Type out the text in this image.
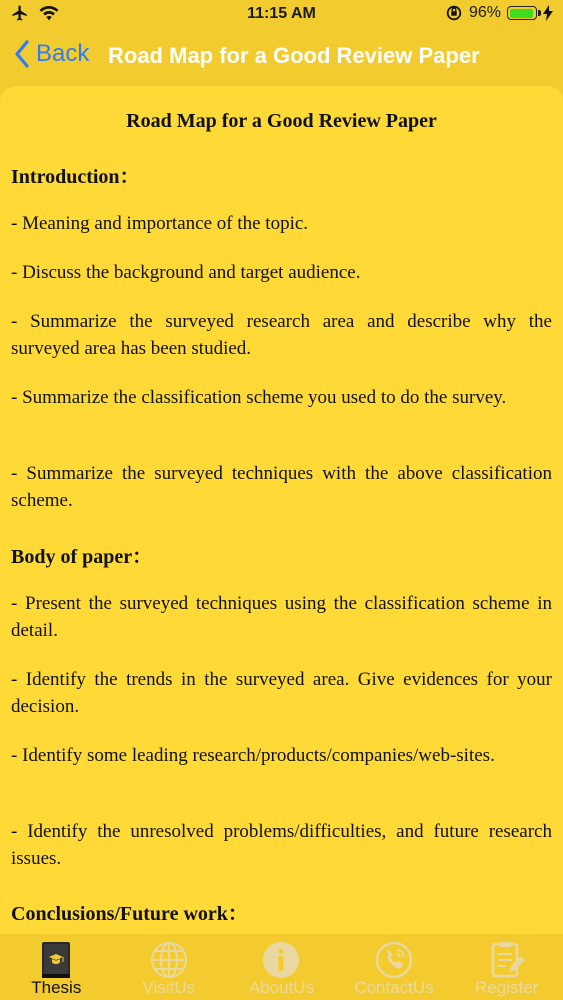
11:15 AM	96%
Back Road Map for a Good Review Paper
Road Map for a Good Review Paper
Introduction：
- Meaning and importance of the topic.
- Discuss the background and target audience.
- Summarize the surveyed research area and describe why the surveyed area has been studied.
- Summarize the classification scheme you used to do the survey.
- Summarize the surveyed techniques with the above classification scheme.
Body of paper：
- Present the surveyed techniques using the classification scheme in detail.
- Identify the trends in the surveyed area. Give evidences for your decision.
- Identify some leading research/products/companies/web-sites.
- Identify the unresolved problems/difficulties, and future research issues.
Conclusions/Future work：
Thesis	VisitUs	AboutUs	ContactUs	Register
